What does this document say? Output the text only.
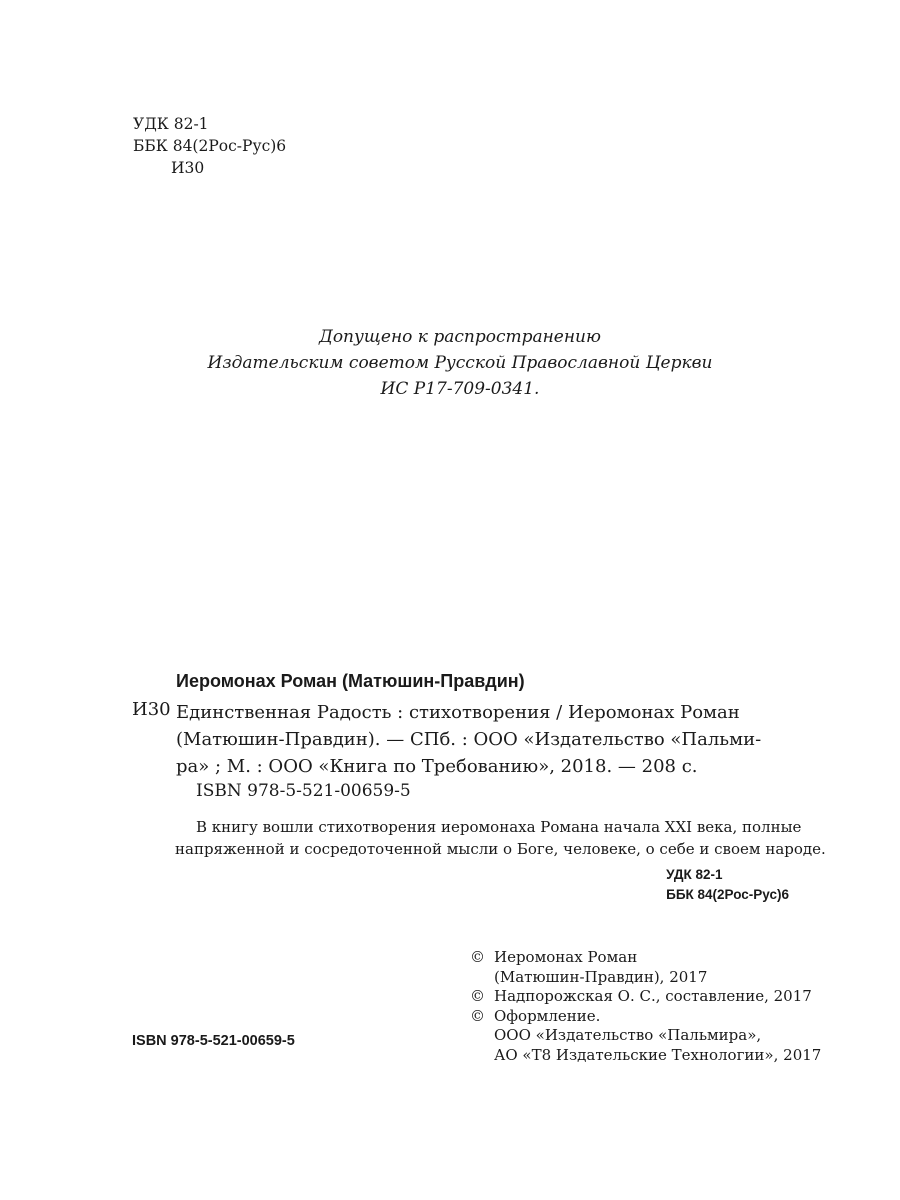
УДК 82-1
ББК 84(2Рос-Рус)6
И30
Допущено к распространению
Издательским советом Русской Православной Церкви
ИС Р17-709-0341.
Иеромонах Роман (Матюшин-Правдин)
И30 Единственная Радость : стихотворения / Иеромонах Роман
(Матюшин-Правдин). — СПб. : ООО «Издательство «Пальми-
ра» ; М. : ООО «Книга по Требованию», 2018. — 208 с.
ISBN 978-5-521-00659-5
В книгу вошли стихотворения иеромонаха Романа начала XXI века, полные
напряженной и сосредоточенной мысли о Боге, человеке, о себе и своем народе.
УДК 82-1
ББК 84(2Рос-Рус)6
© Иеромонах Роман
(Матюшин-Правдин), 2017
© Надпорожская О. С., составление, 2017
© Оформление.
ООО «Издательство «Пальмира»,
АО «Т8 Издательские Технологии», 2017
ISBN 978-5-521-00659-5
